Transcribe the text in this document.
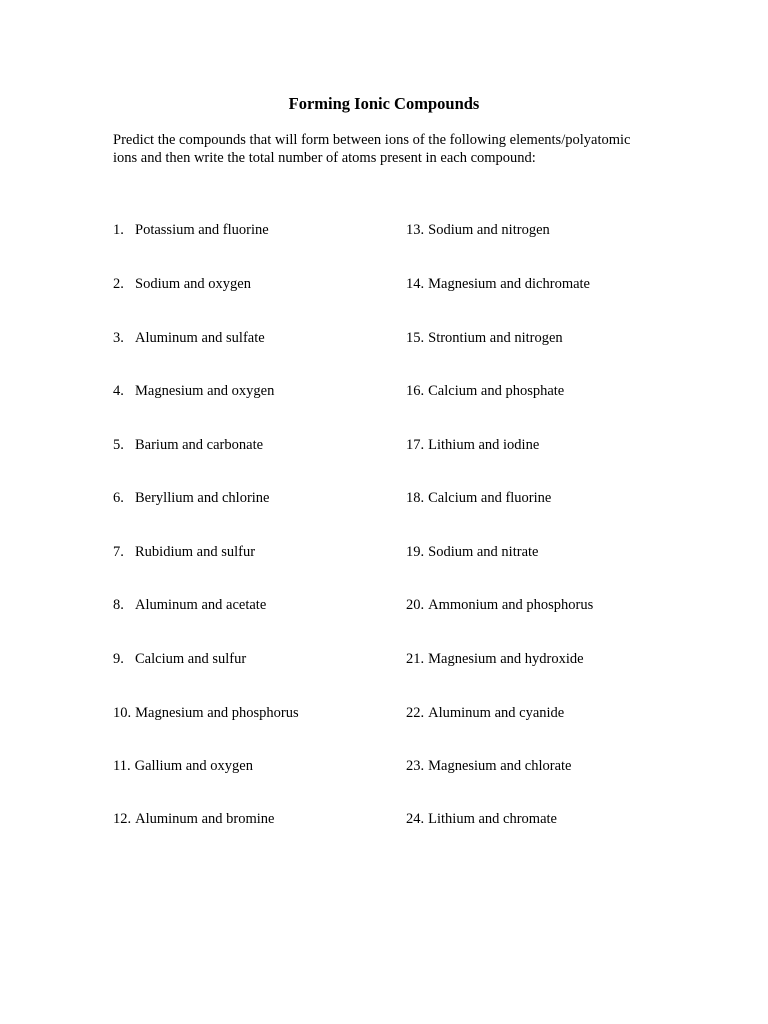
Forming Ionic Compounds

Predict the compounds that will form between ions of the following elements/polyatomic ions and then write the total number of atoms present in each compound:

1. Potassium and fluorine
2. Sodium and oxygen
3. Aluminum and sulfate
4. Magnesium and oxygen
5. Barium and carbonate
6. Beryllium and chlorine
7. Rubidium and sulfur
8. Aluminum and acetate
9. Calcium and sulfur
10. Magnesium and phosphorus
11. Gallium and oxygen
12. Aluminum and bromine
13. Sodium and nitrogen
14. Magnesium and dichromate
15. Strontium and nitrogen
16. Calcium and phosphate
17. Lithium and iodine
18. Calcium and fluorine
19. Sodium and nitrate
20. Ammonium and phosphorus
21. Magnesium and hydroxide
22. Aluminum and cyanide
23. Magnesium and chlorate
24. Lithium and chromate
